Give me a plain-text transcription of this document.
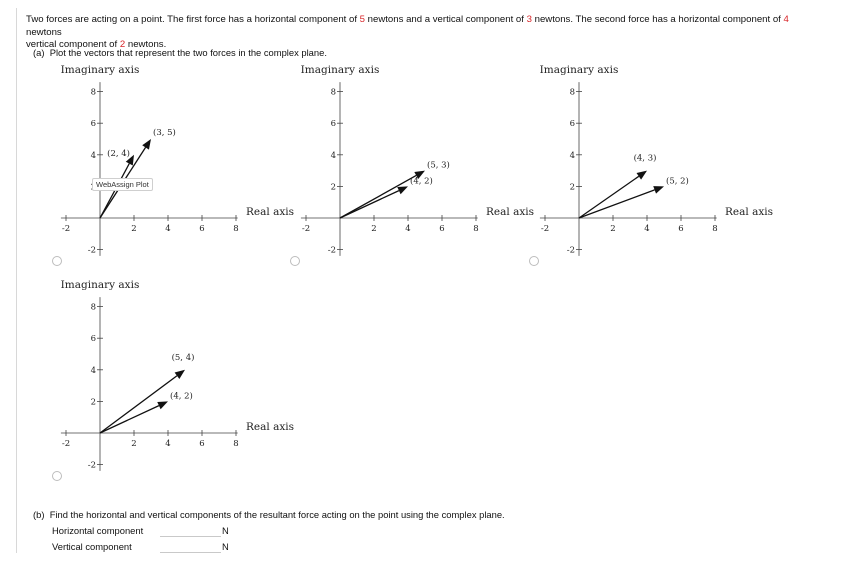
Two forces are acting on a point. The first force has a horizontal component of 5 newtons and a vertical component of 3 newtons. The second force has a horizontal component of 4 newtons
vertical component of 2 newtons.
(a) Plot the vectors that represent the two forces in the complex plane.
Imaginary axis
Real axis
-2	2	4	6	8
8
6
4
-2
(2, 4)
(3, 5)
Imaginary axis
Real axis
-2	2	4	6	8
8
6
4
2
-2
(5, 3)
(4, 2)
Imaginary axis
Real axis
-2	2	4	6	8
8
6
4
2
-2
(4, 3)
(5, 2)
Imaginary axis
Real axis
-2	2	4	6	8
8
6
4
2
-2
(5, 4)
(4, 2)
WebAssign Plot
(b) Find the horizontal and vertical components of the resultant force acting on the point using the complex plane.
Horizontal component	N
Vertical component	N
